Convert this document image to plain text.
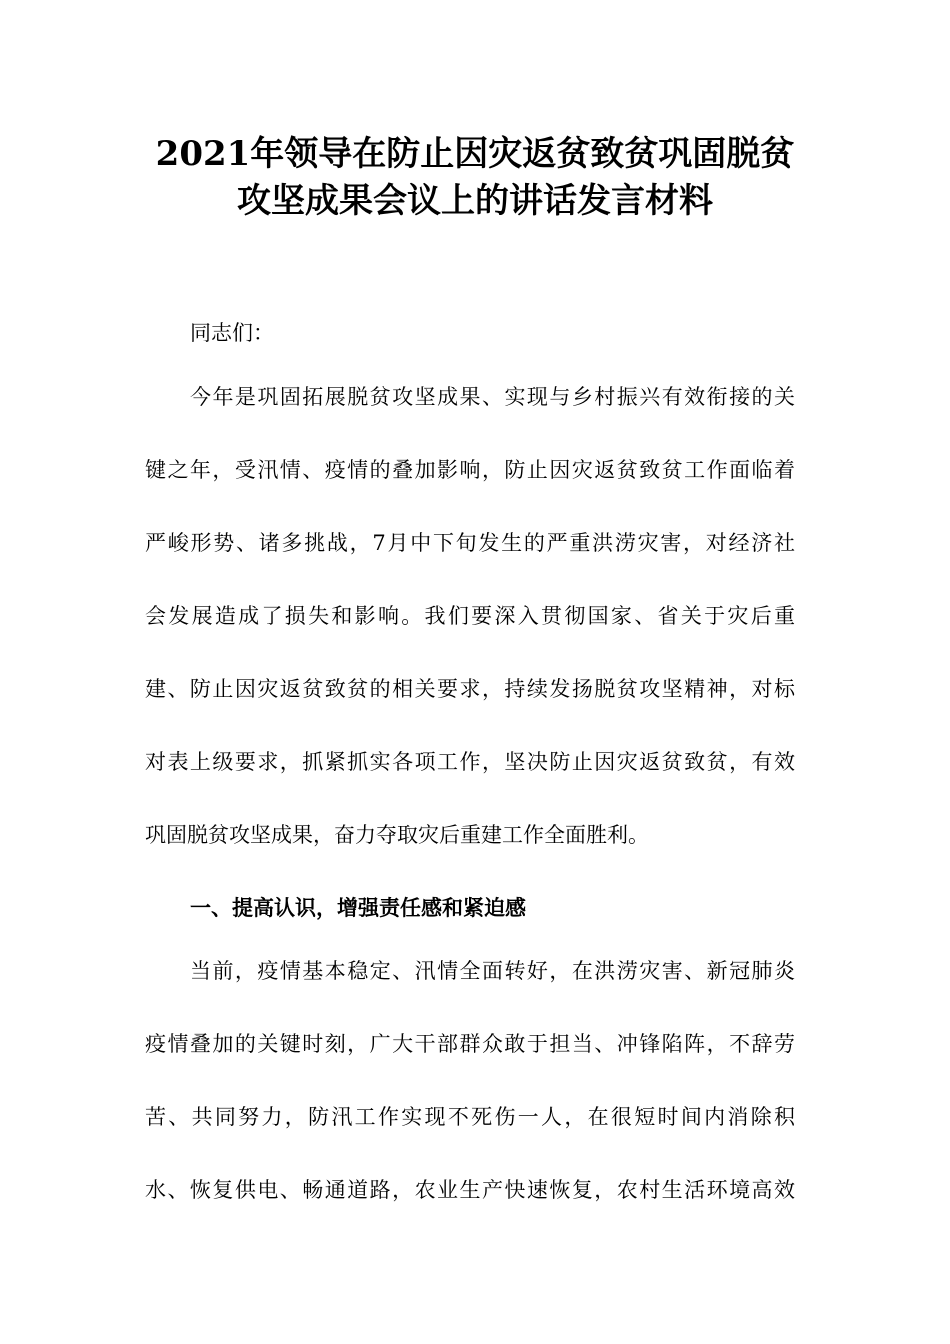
2021年领导在防止因灾返贫致贫巩固脱贫
攻坚成果会议上的讲话发言材料
同志们：
今年是巩固拓展脱贫攻坚成果、实现与乡村振兴有效衔接的关
键之年，受汛情、疫情的叠加影响，防止因灾返贫致贫工作面临着
严峻形势、诸多挑战，7月中下旬发生的严重洪涝灾害，对经济社
会发展造成了损失和影响。我们要深入贯彻国家、省关于灾后重
建、防止因灾返贫致贫的相关要求，持续发扬脱贫攻坚精神，对标
对表上级要求，抓紧抓实各项工作，坚决防止因灾返贫致贫，有效
巩固脱贫攻坚成果，奋力夺取灾后重建工作全面胜利。
一、提高认识，增强责任感和紧迫感
当前，疫情基本稳定、汛情全面转好，在洪涝灾害、新冠肺炎
疫情叠加的关键时刻，广大干部群众敢于担当、冲锋陷阵，不辞劳
苦、共同努力，防汛工作实现不死伤一人，在很短时间内消除积
水、恢复供电、畅通道路，农业生产快速恢复，农村生活环境高效
